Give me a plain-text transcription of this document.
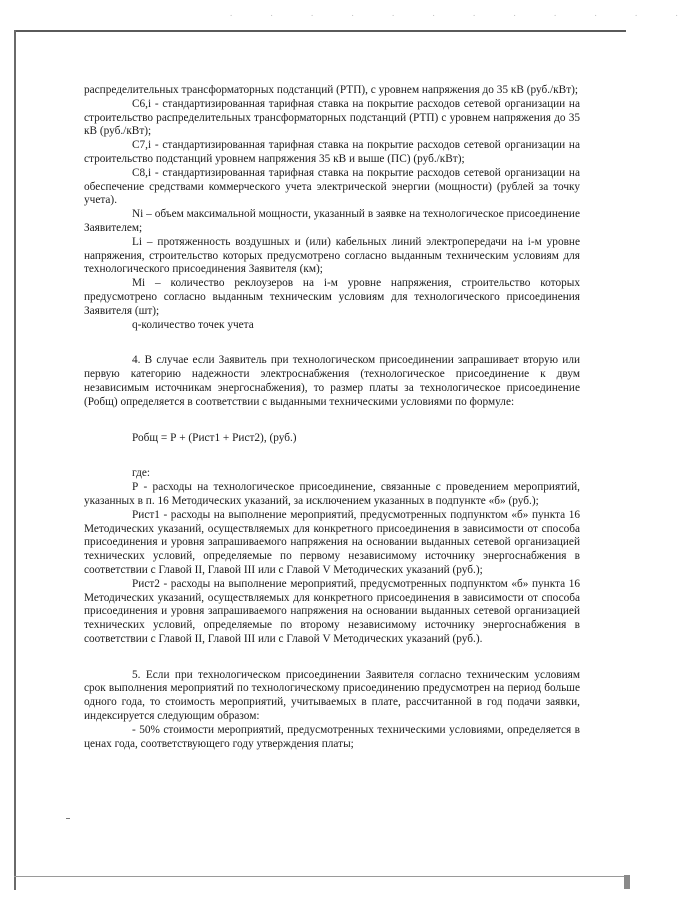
. . . . . . . . . . . .

распределительных трансформаторных подстанций (РТП), с уровнем напряжения до 35 кВ (руб./кВт);

C6,i - стандартизированная тарифная ставка на покрытие расходов сетевой организации на строительство распределительных трансформаторных подстанций (РТП) с уровнем напряжения до 35 кВ (руб./кВт);

C7,i - стандартизированная тарифная ставка на покрытие расходов сетевой организации на строительство подстанций уровнем напряжения 35 кВ и выше (ПС) (руб./кВт);

C8,i - стандартизированная тарифная ставка на покрытие расходов сетевой организации на обеспечение средствами коммерческого учета электрической энергии (мощности) (рублей за точку учета).

Ni – объем максимальной мощности, указанный в заявке на технологическое присоединение Заявителем;

Li – протяженность воздушных и (или) кабельных линий электропередачи на i-м уровне напряжения, строительство которых предусмотрено согласно выданным техническим условиям для технологического присоединения Заявителя (км);

Mi – количество реклоузеров на i-м уровне напряжения, строительство которых предусмотрено согласно выданным техническим условиям для технологического присоединения Заявителя (шт);

q-количество точек учета

4. В случае если Заявитель при технологическом присоединении запрашивает вторую или первую категорию надежности электроснабжения (технологическое присоединение к двум независимым источникам энергоснабжения), то размер платы за технологическое присоединение (Робщ) определяется в соответствии с выданными техническими условиями по формуле:

Робщ = Р + (Рист1 + Рист2), (руб.)

где:

Р - расходы на технологическое присоединение, связанные с проведением мероприятий, указанных в п. 16 Методических указаний, за исключением указанных в подпункте «б» (руб.);

Рист1 - расходы на выполнение мероприятий, предусмотренных подпунктом «б» пункта 16 Методических указаний, осуществляемых для конкретного присоединения в зависимости от способа присоединения и уровня запрашиваемого напряжения на основании выданных сетевой организацией технических условий, определяемые по первому независимому источнику энергоснабжения в соответствии с Главой II, Главой III или с Главой V Методических указаний (руб.);

Рист2 - расходы на выполнение мероприятий, предусмотренных подпунктом «б» пункта 16 Методических указаний, осуществляемых для конкретного присоединения в зависимости от способа присоединения и уровня запрашиваемого напряжения на основании выданных сетевой организацией технических условий, определяемые по второму независимому источнику энергоснабжения в соответствии с Главой II, Главой III или с Главой V Методических указаний (руб.).

5. Если при технологическом присоединении Заявителя согласно техническим условиям срок выполнения мероприятий по технологическому присоединению предусмотрен на период больше одного года, то стоимость мероприятий, учитываемых в плате, рассчитанной в год подачи заявки, индексируется следующим образом:

- 50% стоимости мероприятий, предусмотренных техническими условиями, определяется в ценах года, соответствующего году утверждения платы;
